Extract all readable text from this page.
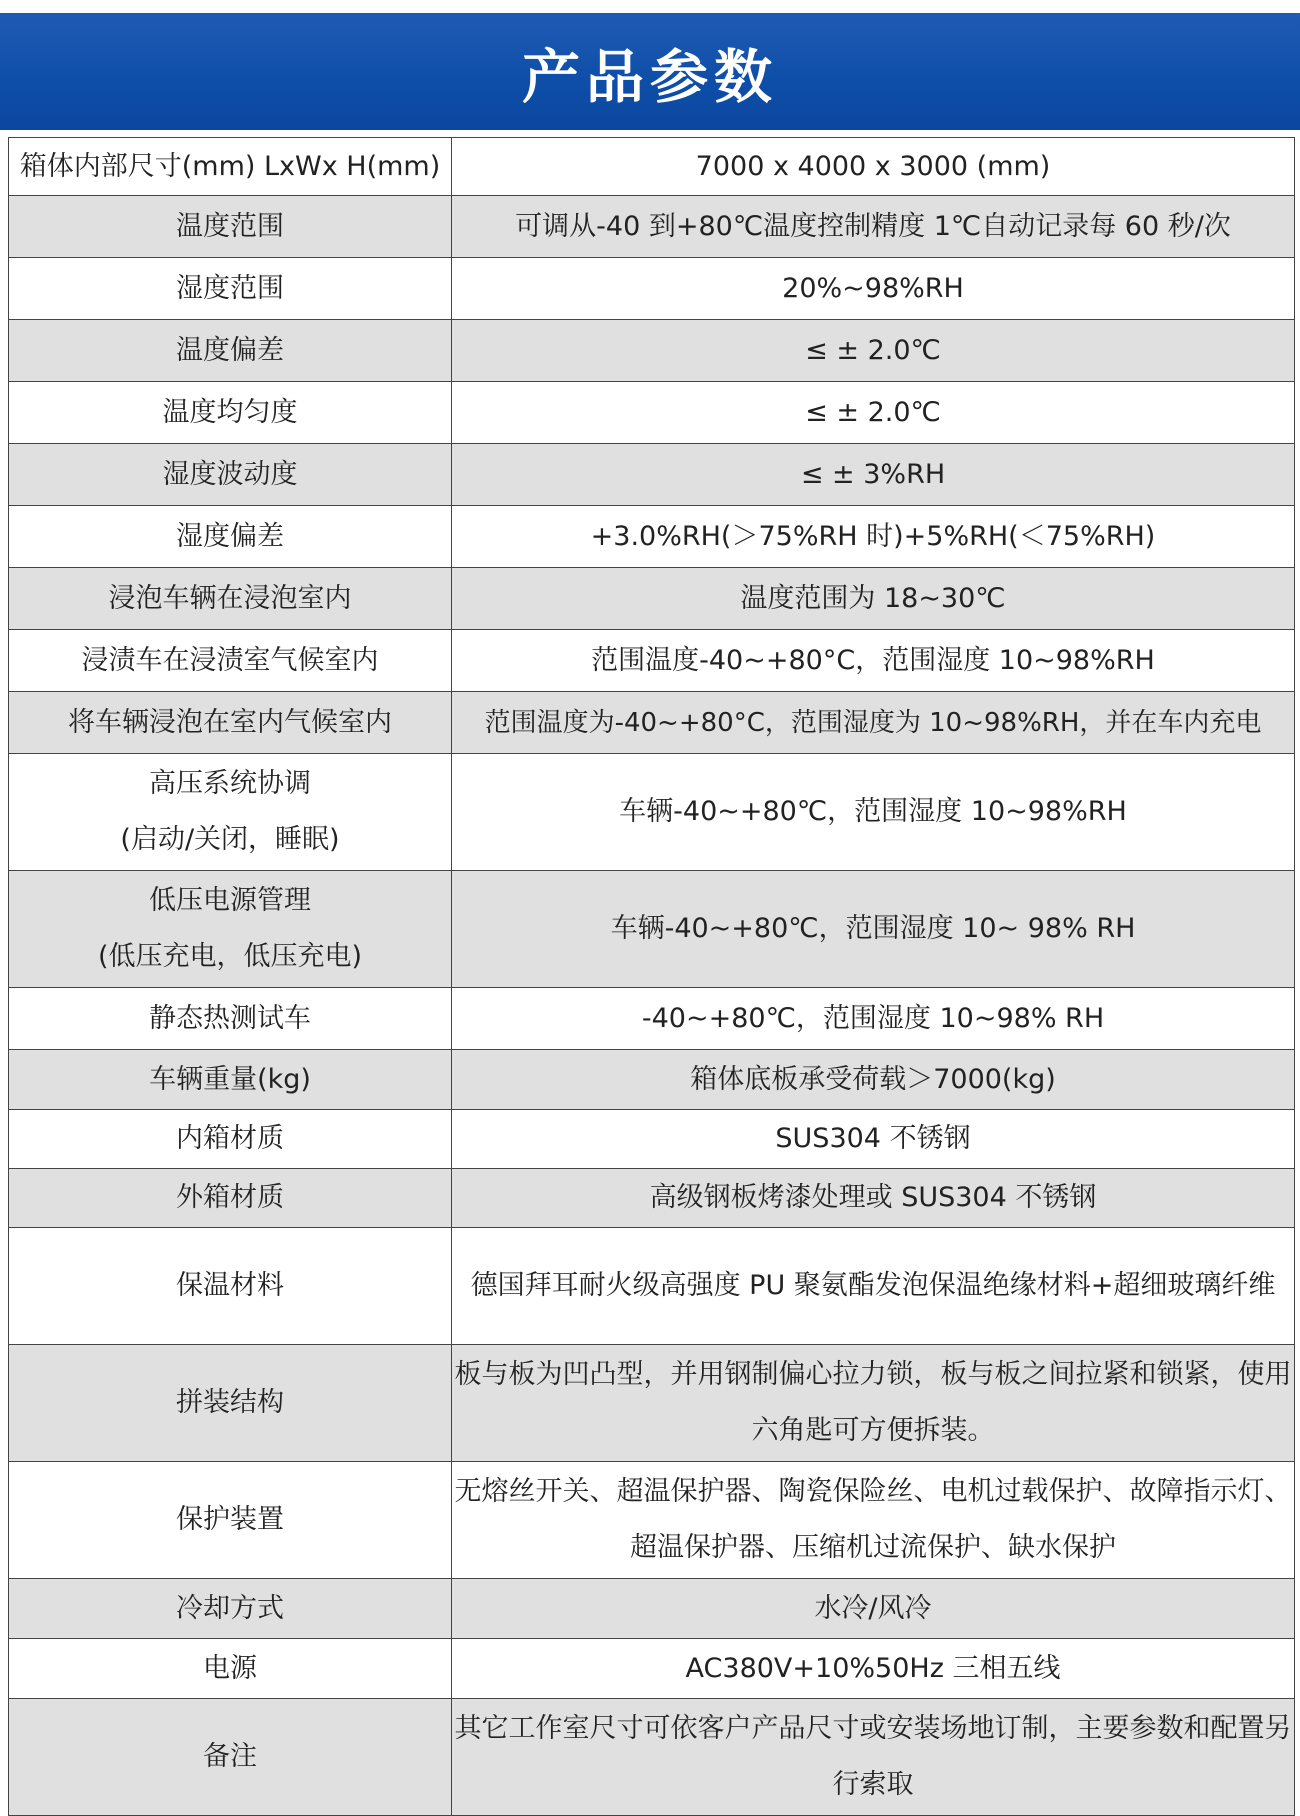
产品参数
箱体内部尺寸(mm) LxWx H(mm)	7000 x 4000 x 3000 (mm)
温度范围	可调从-40 到+80℃温度控制精度 1℃自动记录每 60 秒/次
湿度范围	20%~98%RH
温度偏差	≤ ± 2.0℃
温度均匀度	≤ ± 2.0℃
湿度波动度	≤ ± 3%RH
湿度偏差	+3.0%RH(＞75%RH 时)+5%RH(＜75%RH)
浸泡车辆在浸泡室内	温度范围为 18~30℃
浸渍车在浸渍室气候室内	范围温度-40~+80°C，范围湿度 10~98%RH
将车辆浸泡在室内气候室内	范围温度为-40~+80°C，范围湿度为 10~98%RH，并在车内充电

高压系统协调
(启动/关闭，睡眠)	车辆-40~+80℃，范围湿度 10~98%RH

低压电源管理
(低压充电，低压充电)	车辆-40~+80℃，范围湿度 10~ 98% RH
静态热测试车	-40~+80℃，范围湿度 10~98% RH
车辆重量(kg)	箱体底板承受荷载＞7000(kg)
内箱材质	SUS304 不锈钢
外箱材质	高级钢板烤漆处理或 SUS304 不锈钢
保温材料	德国拜耳耐火级高强度 PU 聚氨酯发泡保温绝缘材料+超细玻璃纤维
拼装结构	板与板为凹凸型，并用钢制偏心拉力锁，板与板之间拉紧和锁紧，使用六角匙可方便拆装。
保护装置	无熔丝开关、超温保护器、陶瓷保险丝、电机过载保护、故障指示灯、超温保护器、压缩机过流保护、缺水保护
冷却方式	水冷/风冷
电源	AC380V+10%50Hz 三相五线
备注	其它工作室尺寸可依客户产品尺寸或安装场地订制，主要参数和配置另行索取
